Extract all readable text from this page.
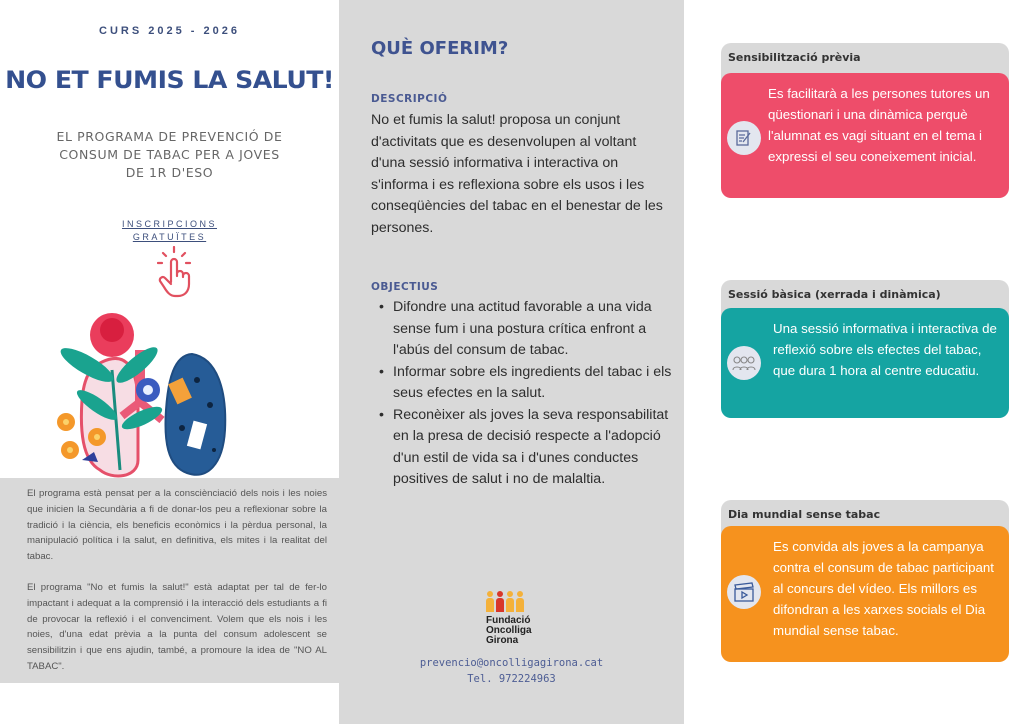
CURS 2025 - 2026
NO ET FUMIS LA SALUT!
EL PROGRAMA DE PREVENCIÓ DE
CONSUM DE TABAC PER A JOVES
DE 1R D'ESO
INSCRIPCIONS
GRATUÏTES

El programa està pensat per a la consciènciació dels nois i les noies que inicien la Secundària a fi de donar-los peu a reflexionar sobre la tradició i la ciència, els beneficis econòmics i la pèrdua personal, la manipulació política i la salut, en definitiva, els mites i la realitat del tabac.

El programa "No et fumis la salut!" està adaptat per tal de fer-lo impactant i adequat a la comprensió i la interacció dels estudiants a fi de provocar la reflexió i el convenciment. Volem que els nois i les noies, d'una edat prèvia a la punta del consum adolescent se sensibilitzin i que ens ajudin, també, a promoure la idea de "NO AL TABAC".

QUÈ OFERIM?
DESCRIPCIÓ
No et fumis la salut! proposa un conjunt d'activitats que es desenvolupen al voltant d'una sessió informativa i interactiva on s'informa i es reflexiona sobre els usos i les conseqüències del tabac en el benestar de les persones.
OBJECTIUS
• Difondre una actitud favorable a una vida sense fum i una postura crítica enfront a l'abús del consum de tabac.
• Informar sobre els ingredients del tabac i els seus efectes en la salut.
• Reconèixer als joves la seva responsabilitat en la presa de decisió respecte a l'adopció d'un estil de vida sa i d'unes conductes positives de salut i no de malaltia.
Fundació
Oncolliga
Girona
prevencio@oncolligagirona.cat
Tel. 972224963
Sensibilització prèvia
Es facilitarà a les persones tutores un qüestionari i una dinàmica perquè l'alumnat es vagi situant en el tema i expressi el seu coneixement inicial.
Sessió bàsica (xerrada i dinàmica)
Una sessió informativa i interactiva de reflexió sobre els efectes del tabac, que dura 1 hora al centre educatiu.
Dia mundial sense tabac
Es convida als joves a la campanya contra el consum de tabac participant al concurs del vídeo. Els millors es difondran a les xarxes socials el Dia mundial sense tabac.
